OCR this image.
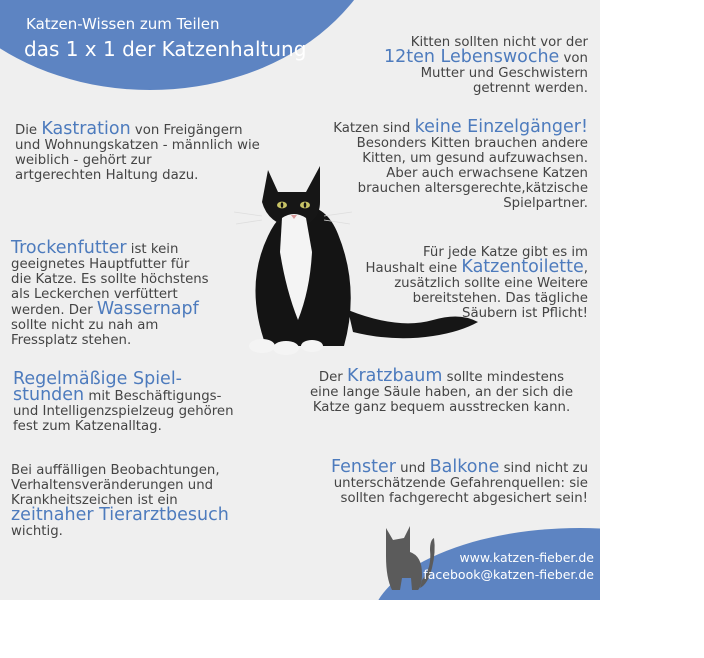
Katzen-Wissen zum Teilen
das 1 x 1 der Katzenhaltung	Kitten sollten nicht vor der
12ten Lebenswoche von
Mutter und Geschwistern
getrennt werden.
Die Kastration von Freigängern
und Wohnungskatzen - männlich wie
weiblich - gehört zur
artgerechten Haltung dazu.
Katzen sind keine Einzelgänger!
Besonders Kitten brauchen andere
Kitten, um gesund aufzuwachsen.
Aber auch erwachsene Katzen
brauchen altersgerechte,kätzische
Spielpartner.
Trockenfutter ist kein
geeignetes Hauptfutter für
die Katze. Es sollte höchstens
als Leckerchen verfüttert
werden. Der Wassernapf
sollte nicht zu nah am
Fressplatz stehen.
Für jede Katze gibt es im
Haushalt eine Katzentoilette,
zusätzlich sollte eine Weitere
bereitstehen. Das tägliche
Säubern ist Pflicht!
Regelmäßige Spiel-
stunden mit Beschäftigungs-
und Intelligenzspielzeug gehören
fest zum Katzenalltag.
Der Kratzbaum sollte mindestens
eine lange Säule haben, an der sich die
Katze ganz bequem ausstrecken kann.
Bei auffälligen Beobachtungen,
Verhaltensveränderungen und
Krankheitszeichen ist ein
zeitnaher Tierarztbesuch
wichtig.
Fenster und Balkone sind nicht zu
unterschätzende Gefahrenquellen: sie
sollten fachgerecht abgesichert sein!
www.katzen-fieber.de
facebook@katzen-fieber.de
